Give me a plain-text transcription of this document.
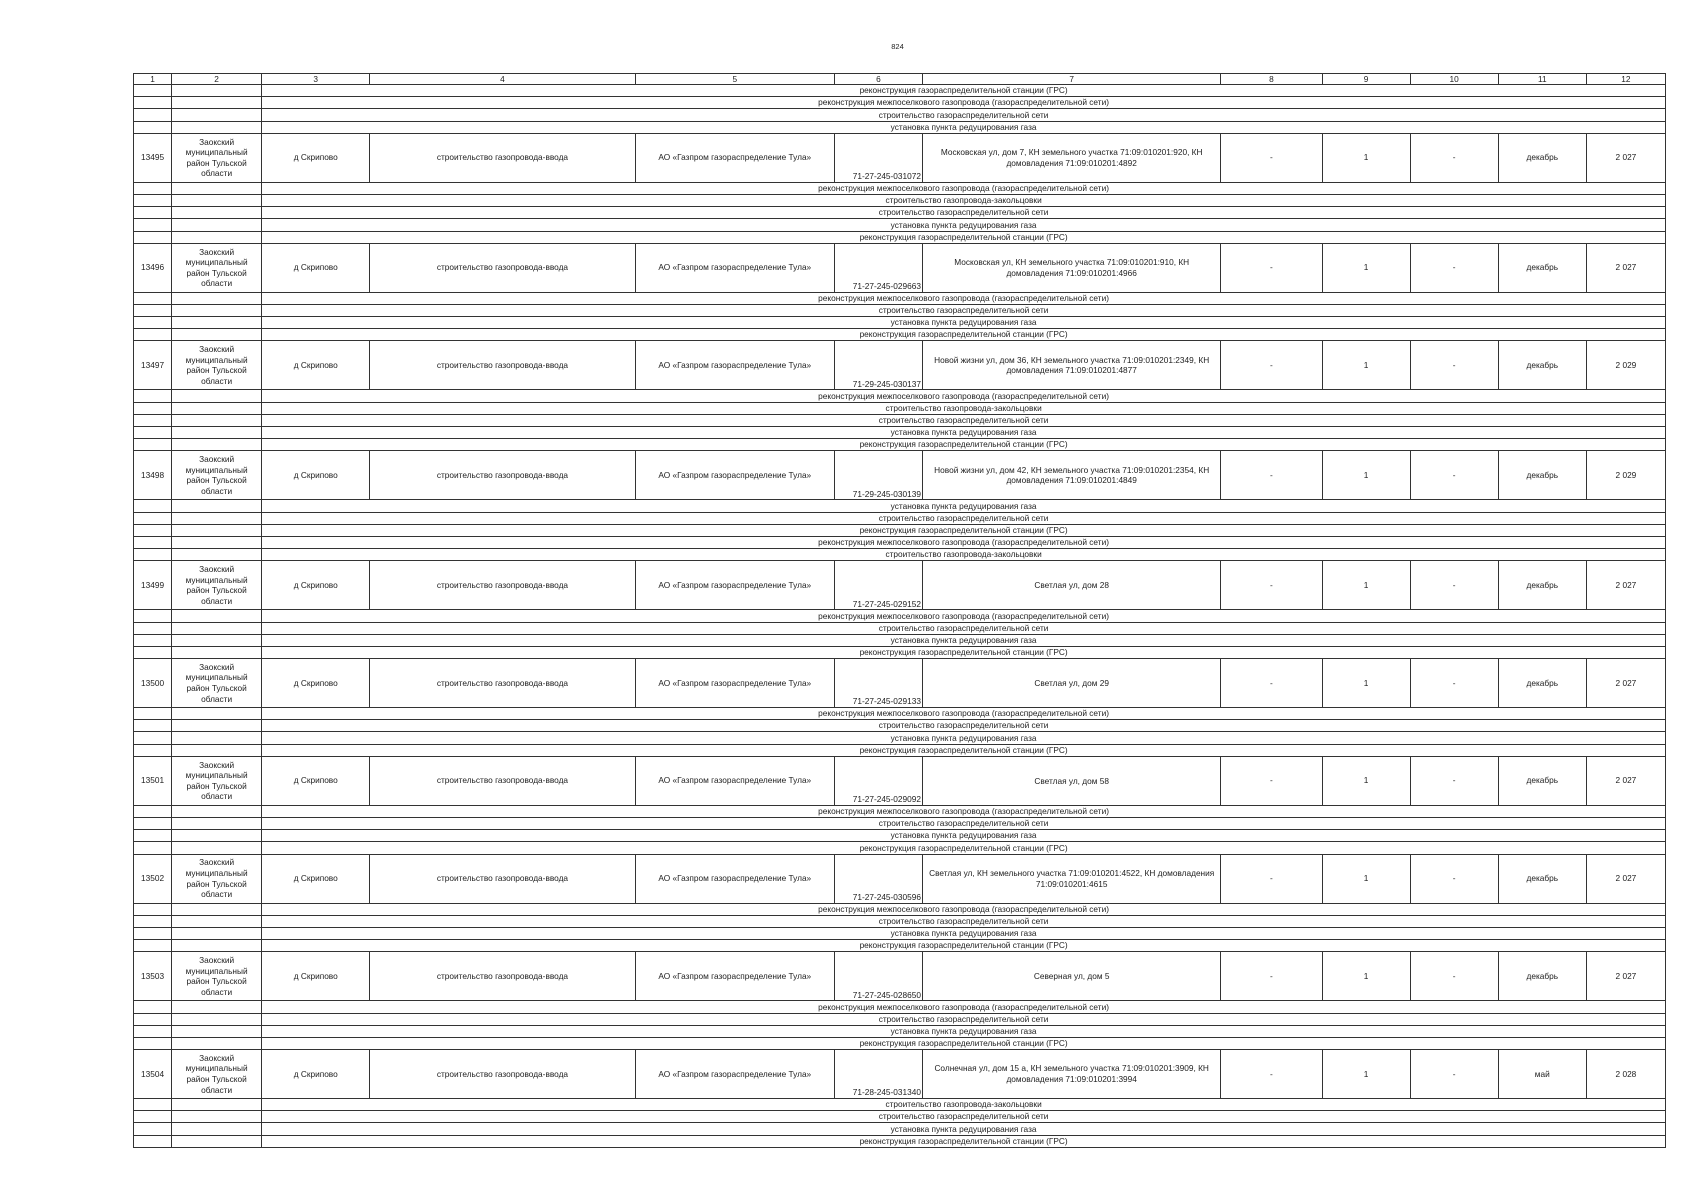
824
1	2	3	4	5	6	7	8	9	10	11	12
		реконструкция газораспределительной станции (ГРС)									
		реконструкция межпоселкового газопровода (газораспределительной сети)									
		строительство газораспределительной сети									
		установка пункта редуцирования газа									
13495	Заокский муниципальный район Тульской области	д Скрипово	строительство газопровода-ввода	АО «Газпром газораспределение Тула»	71-27-245-031072	Московская ул, дом 7, КН земельного участка 71:09:010201:920, КН домовладения 71:09:010201:4892	-	1	-	декабрь	2 027
		реконструкция межпоселкового газопровода (газораспределительной сети)									
		строительство газопровода-закольцовки									
		строительство газораспределительной сети									
		установка пункта редуцирования газа									
		реконструкция газораспределительной станции (ГРС)									
13496	Заокский муниципальный район Тульской области	д Скрипово	строительство газопровода-ввода	АО «Газпром газораспределение Тула»	71-27-245-029663	Московская ул, КН земельного участка 71:09:010201:910, КН домовладения 71:09:010201:4966	-	1	-	декабрь	2 027
		реконструкция межпоселкового газопровода (газораспределительной сети)									
		строительство газораспределительной сети									
		установка пункта редуцирования газа									
		реконструкция газораспределительной станции (ГРС)									
13497	Заокский муниципальный район Тульской области	д Скрипово	строительство газопровода-ввода	АО «Газпром газораспределение Тула»	71-29-245-030137	Новой жизни ул, дом 36, КН земельного участка 71:09:010201:2349, КН домовладения 71:09:010201:4877	-	1	-	декабрь	2 029
		реконструкция межпоселкового газопровода (газораспределительной сети)									
		строительство газопровода-закольцовки									
		строительство газораспределительной сети									
		установка пункта редуцирования газа									
		реконструкция газораспределительной станции (ГРС)									
13498	Заокский муниципальный район Тульской области	д Скрипово	строительство газопровода-ввода	АО «Газпром газораспределение Тула»	71-29-245-030139	Новой жизни ул, дом 42, КН земельного участка 71:09:010201:2354, КН домовладения 71:09:010201:4849	-	1	-	декабрь	2 029
		установка пункта редуцирования газа									
		строительство газораспределительной сети									
		реконструкция газораспределительной станции (ГРС)									
		реконструкция межпоселкового газопровода (газораспределительной сети)									
		строительство газопровода-закольцовки									
13499	Заокский муниципальный район Тульской области	д Скрипово	строительство газопровода-ввода	АО «Газпром газораспределение Тула»	71-27-245-029152	Светлая ул, дом 28	-	1	-	декабрь	2 027
		реконструкция межпоселкового газопровода (газораспределительной сети)									
		строительство газораспределительной сети									
		установка пункта редуцирования газа									
		реконструкция газораспределительной станции (ГРС)									
13500	Заокский муниципальный район Тульской области	д Скрипово	строительство газопровода-ввода	АО «Газпром газораспределение Тула»	71-27-245-029133	Светлая ул, дом 29	-	1	-	декабрь	2 027
		реконструкция межпоселкового газопровода (газораспределительной сети)									
		строительство газораспределительной сети									
		установка пункта редуцирования газа									
		реконструкция газораспределительной станции (ГРС)									
13501	Заокский муниципальный район Тульской области	д Скрипово	строительство газопровода-ввода	АО «Газпром газораспределение Тула»	71-27-245-029092	Светлая ул, дом 58	-	1	-	декабрь	2 027
		реконструкция межпоселкового газопровода (газораспределительной сети)									
		строительство газораспределительной сети									
		установка пункта редуцирования газа									
		реконструкция газораспределительной станции (ГРС)									
13502	Заокский муниципальный район Тульской области	д Скрипово	строительство газопровода-ввода	АО «Газпром газораспределение Тула»	71-27-245-030596	Светлая ул, КН земельного участка 71:09:010201:4522, КН домовладения 71:09:010201:4615	-	1	-	декабрь	2 027
		реконструкция межпоселкового газопровода (газораспределительной сети)									
		строительство газораспределительной сети									
		установка пункта редуцирования газа									
		реконструкция газораспределительной станции (ГРС)									
13503	Заокский муниципальный район Тульской области	д Скрипово	строительство газопровода-ввода	АО «Газпром газораспределение Тула»	71-27-245-028650	Северная ул, дом 5	-	1	-	декабрь	2 027
		реконструкция межпоселкового газопровода (газораспределительной сети)									
		строительство газораспределительной сети									
		установка пункта редуцирования газа									
		реконструкция газораспределительной станции (ГРС)									
13504	Заокский муниципальный район Тульской области	д Скрипово	строительство газопровода-ввода	АО «Газпром газораспределение Тула»	71-28-245-031340	Солнечная ул, дом 15 а, КН земельного участка 71:09:010201:3909, КН домовладения 71:09:010201:3994	-	1	-	май	2 028
		строительство газопровода-закольцовки									
		строительство газораспределительной сети									
		установка пункта редуцирования газа									
		реконструкция газораспределительной станции (ГРС)									
